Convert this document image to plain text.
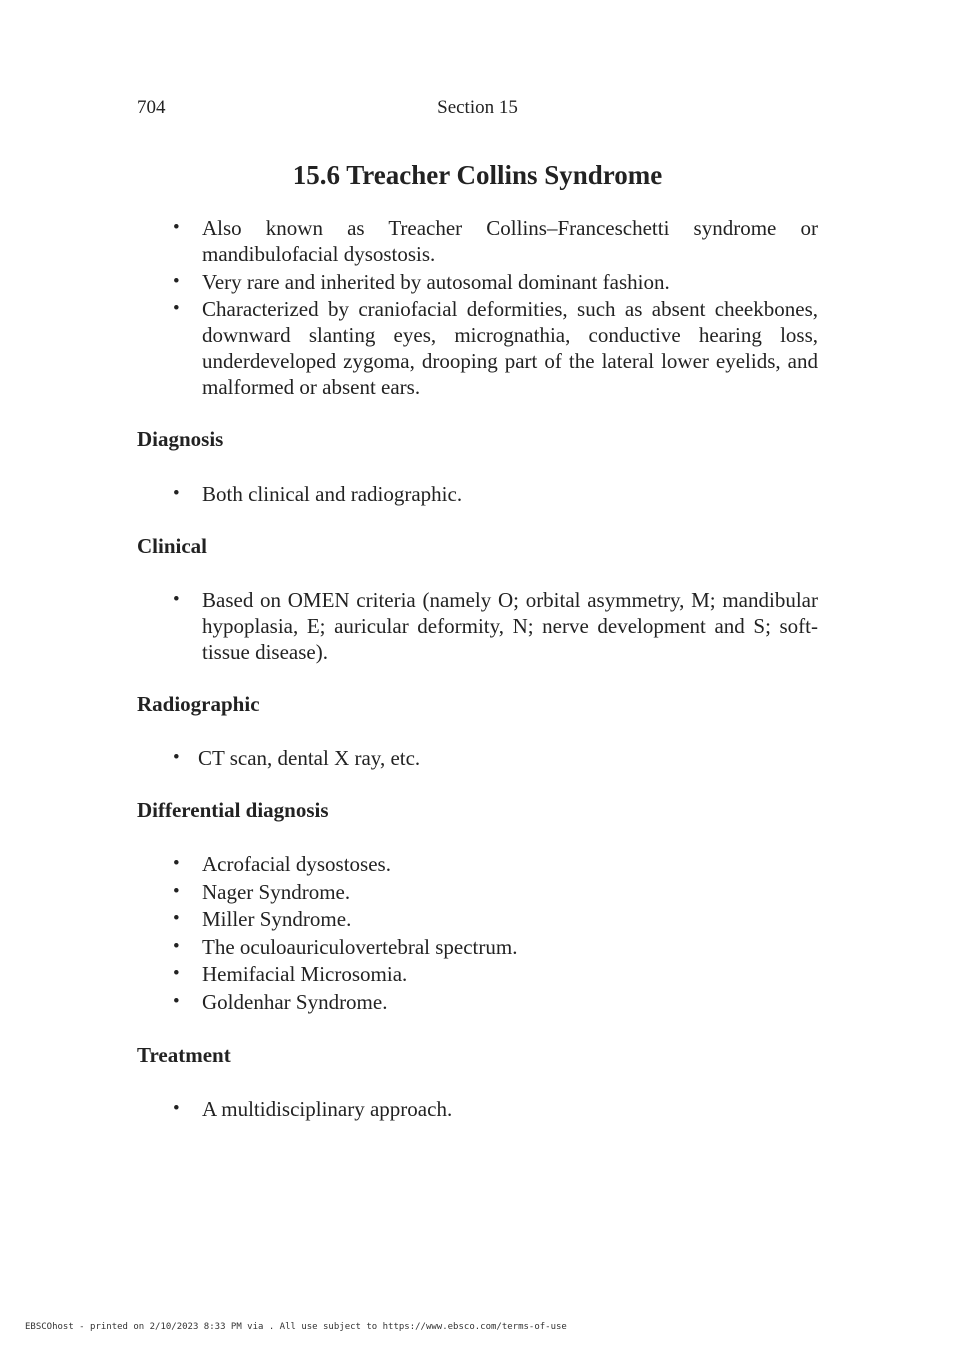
704	Section 15
15.6 Treacher Collins Syndrome
• Also known as Treacher Collins–Franceschetti syndrome or mandibulofacial dysostosis.
• Very rare and inherited by autosomal dominant fashion.
• Characterized by craniofacial deformities, such as absent cheekbones, downward slanting eyes, micrognathia, conductive hearing loss, underdeveloped zygoma, drooping part of the lateral lower eyelids, and malformed or absent ears.
Diagnosis
• Both clinical and radiographic.
Clinical
• Based on OMEN criteria (namely O; orbital asymmetry, M; mandibular hypoplasia, E; auricular deformity, N; nerve development and S; soft-tissue disease).
Radiographic
• CT scan, dental X ray, etc.
Differential diagnosis
• Acrofacial dysostoses.
• Nager Syndrome.
• Miller Syndrome.
• The oculoauriculovertebral spectrum.
• Hemifacial Microsomia.
• Goldenhar Syndrome.
Treatment
• A multidisciplinary approach.
EBSCOhost - printed on 2/10/2023 8:33 PM via . All use subject to https://www.ebsco.com/terms-of-use
